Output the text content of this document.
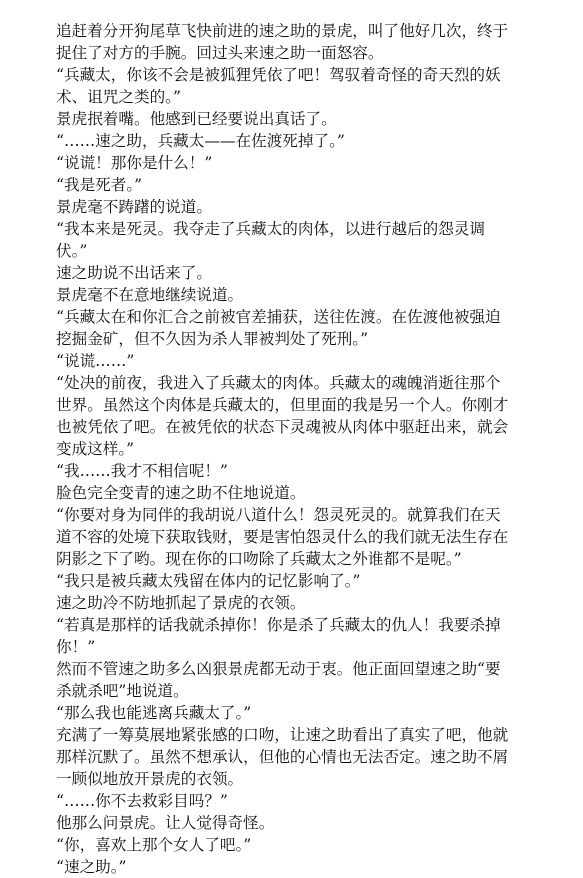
追赶着分开狗尾草飞快前进的速之助的景虎，叫了他好几次，终于
捉住了对方的手腕。回过头来速之助一面怒容。
“兵藏太，你该不会是被狐狸凭依了吧！驾驭着奇怪的奇天烈的妖
术、诅咒之类的。”
景虎抿着嘴。他感到已经要说出真话了。
“……速之助，兵藏太——在佐渡死掉了。”
“说谎！那你是什么！”
“我是死者。”
景虎毫不踌躇的说道。
“我本来是死灵。我夺走了兵藏太的肉体，以进行越后的怨灵调
伏。”
速之助说不出话来了。
景虎毫不在意地继续说道。
“兵藏太在和你汇合之前被官差捕获，送往佐渡。在佐渡他被强迫
挖掘金矿，但不久因为杀人罪被判处了死刑。”
“说谎……”
“处决的前夜，我进入了兵藏太的肉体。兵藏太的魂魄消逝往那个
世界。虽然这个肉体是兵藏太的，但里面的我是另一个人。你刚才
也被凭依了吧。在被凭依的状态下灵魂被从肉体中驱赶出来，就会
变成这样。”
“我……我才不相信呢！”
脸色完全变青的速之助不住地说道。
“你要对身为同伴的我胡说八道什么！怨灵死灵的。就算我们在天
道不容的处境下获取钱财，要是害怕怨灵什么的我们就无法生存在
阴影之下了哟。现在你的口吻除了兵藏太之外谁都不是呢。”
“我只是被兵藏太残留在体内的记忆影响了。”
速之助冷不防地抓起了景虎的衣领。
“若真是那样的话我就杀掉你！你是杀了兵藏太的仇人！我要杀掉
你！”
然而不管速之助多么凶狠景虎都无动于衷。他正面回望速之助“要
杀就杀吧”地说道。
“那么我也能逃离兵藏太了。”
充满了一筹莫展地紧张感的口吻，让速之助看出了真实了吧，他就
那样沉默了。虽然不想承认，但他的心情也无法否定。速之助不屑
一顾似地放开景虎的衣领。
“……你不去救彩目吗？”
他那么问景虎。让人觉得奇怪。
“你，喜欢上那个女人了吧。”
“速之助。”
